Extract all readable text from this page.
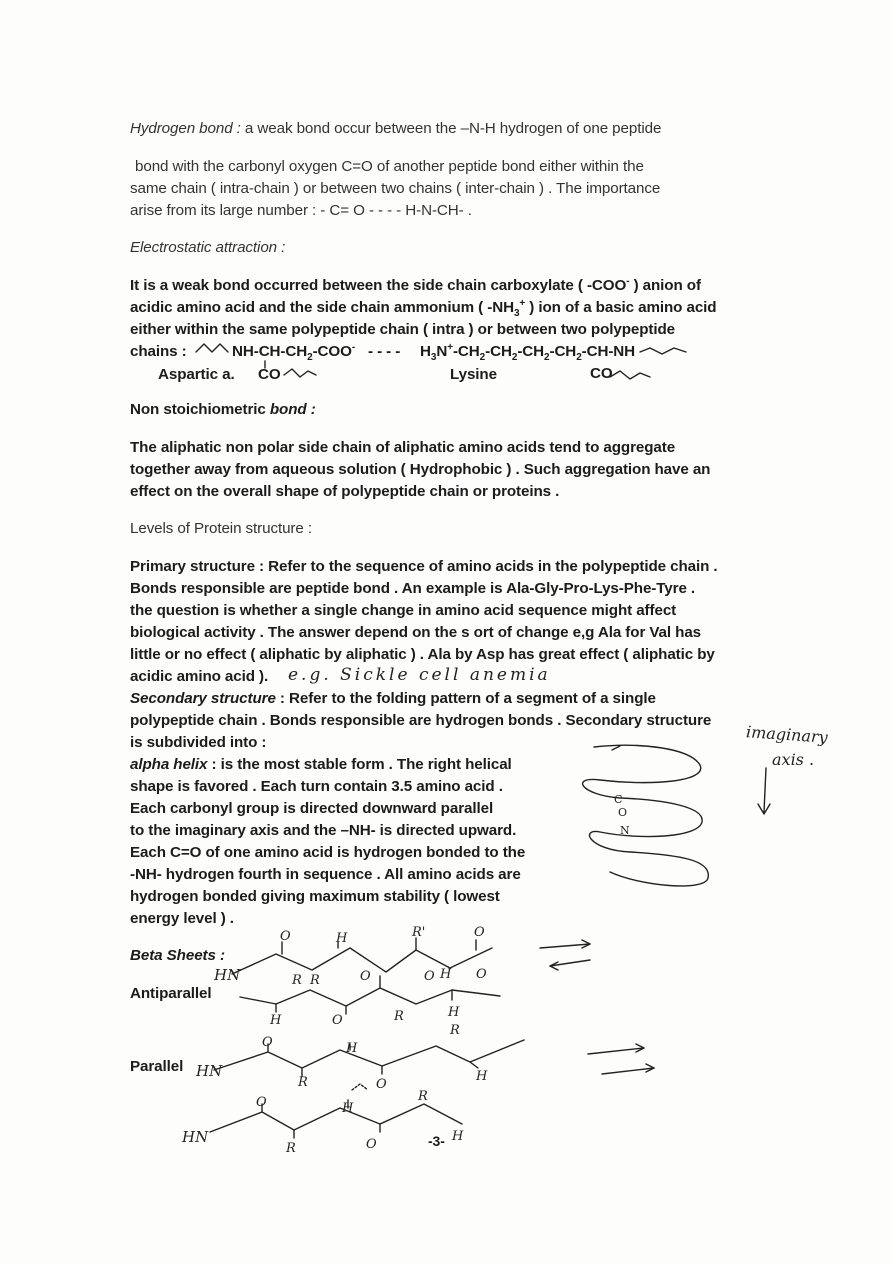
Hydrogen bond : a weak bond occur between the –N-H hydrogen of one peptide
bond with the carbonyl oxygen C=O of another peptide bond either within the
same chain ( intra-chain ) or between two chains ( inter-chain ) . The importance
arise from its large number : - C= O - - - - H-N-CH- .
Electrostatic attraction :
It is a weak bond occurred between the side chain carboxylate ( -COO- ) anion of
acidic amino acid and the side chain ammonium ( $-NH_3^+$ ) ion of a basic amino acid
either within the same polypeptide chain ( intra ) or between two polypeptide
chains :	$NH-CH-CH_2-COO^-$ - - - - $H_3N^+-CH_2-CH_2-CH_2-CH_2-CH-NH$
Aspartic a. CO	Lysine	CO
Non stoichiometric bond :
The aliphatic non polar side chain of aliphatic amino acids tend to aggregate
together away from aqueous solution ( Hydrophobic ) . Such aggregation have an
effect on the overall shape of polypeptide chain or proteins .
Levels of Protein structure :
Primary structure : Refer to the sequence of amino acids in the polypeptide chain .
Bonds responsible are peptide bond . An example is Ala-Gly-Pro-Lys-Phe-Tyre .
the question is whether a single change in amino acid sequence might affect
biological activity . The answer depend on the s ort of change e,g Ala for Val has
little or no effect ( aliphatic by aliphatic ) . Ala by Asp has great effect ( aliphatic by
acidic amino acid ). e.g. Sickle cell anemia
Secondary structure : Refer to the folding pattern of a segment of a single
polypeptide chain . Bonds responsible are hydrogen bonds . Secondary structure
is subdivided into :	imaginary
axis .
alpha helix : is the most stable form . The right helical
shape is favored . Each turn contain 3.5 amino acid .
Each carbonyl group is directed downward parallel
to the imaginary axis and the –NH- is directed upward.
Each C=O of one amino acid is hydrogen bonded to the
-NH- hydrogen fourth in sequence . All amino acids are
hydrogen bonded giving maximum stability ( lowest
energy level ) .
Beta Sheets :
Antiparallel
Parallel
HN
HN
HN	-3-
C
O
N
O	H	R'	O
R R	O	O H O
H	O	R	H
R
O	H
R	O
H
O	H
R
R	O
H
